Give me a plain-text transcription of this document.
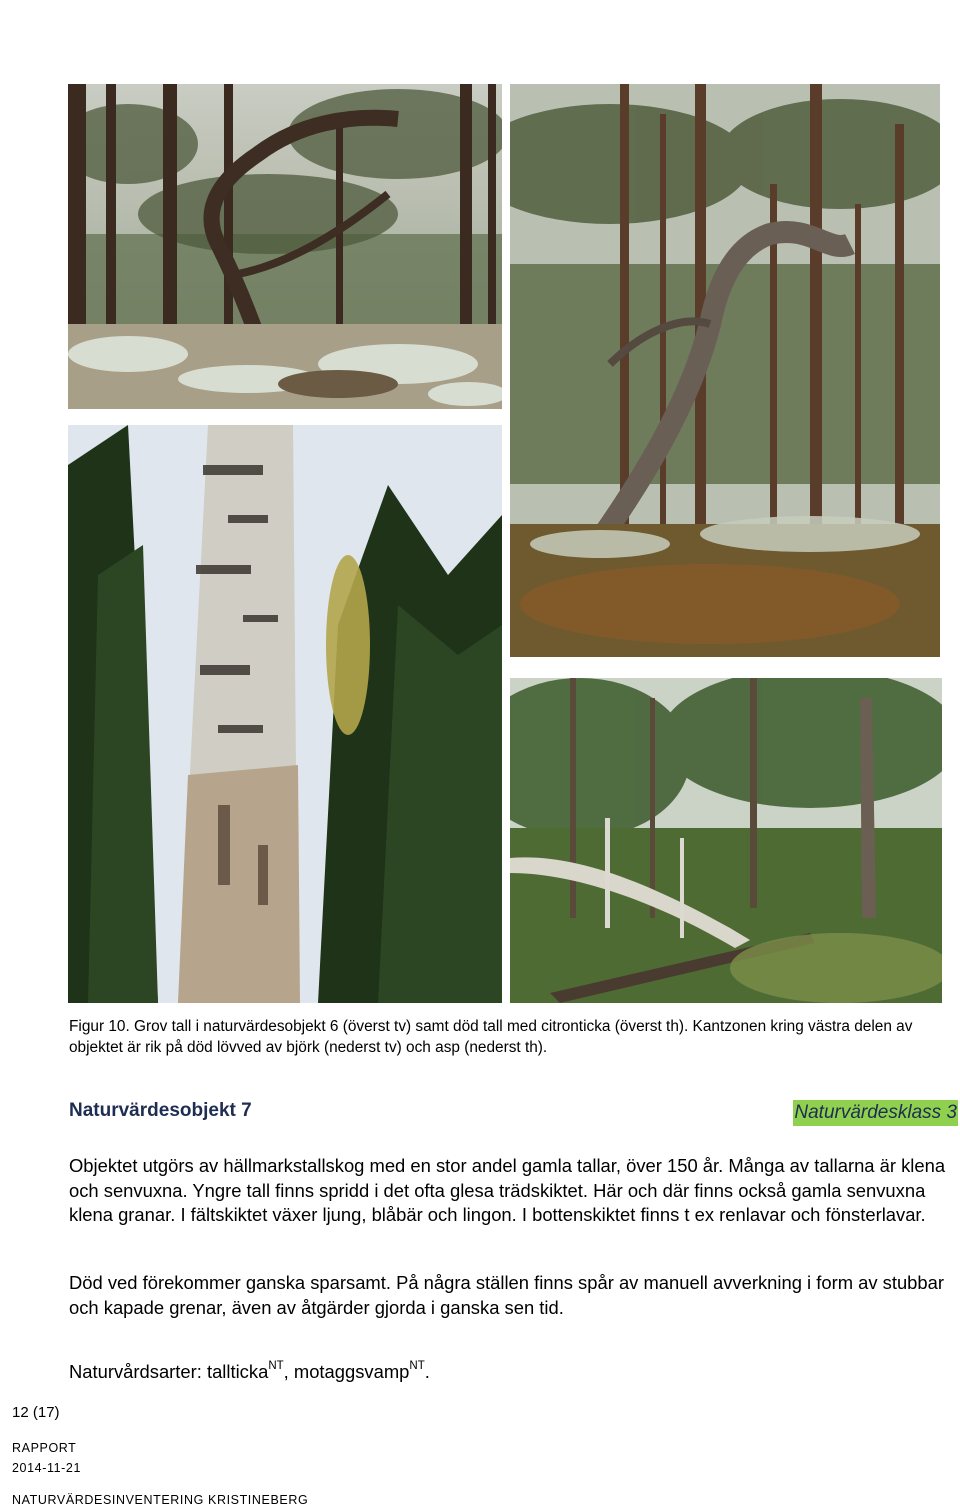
Figur 10. Grov tall i naturvärdesobjekt 6 (överst tv) samt död tall med citronticka (överst th). Kantzonen kring västra delen av objektet är rik på död lövved av björk (nederst tv) och asp (nederst th).
Naturvärdesobjekt 7	Naturvärdesklass 3

Objektet utgörs av hällmarkstallskog med en stor andel gamla tallar, över 150 år. Många av tallarna är klena och senvuxna. Yngre tall finns spridd i det ofta glesa trädskiktet. Här och där finns också gamla senvuxna klena granar. I fältskiktet växer ljung, blåbär och lingon. I bottenskiktet finns t ex renlavar och fönsterlavar.

Död ved förekommer ganska sparsamt. På några ställen finns spår av manuell avverkning i form av stubbar och kapade grenar, även av åtgärder gjorda i ganska sen tid.

Naturvårdsarter: tallticka$^{NT}$, motaggsvamp$^{NT}$.

12 (17)
RAPPORT
2014-11-21
NATURVÄRDESINVENTERING KRISTINEBERG
